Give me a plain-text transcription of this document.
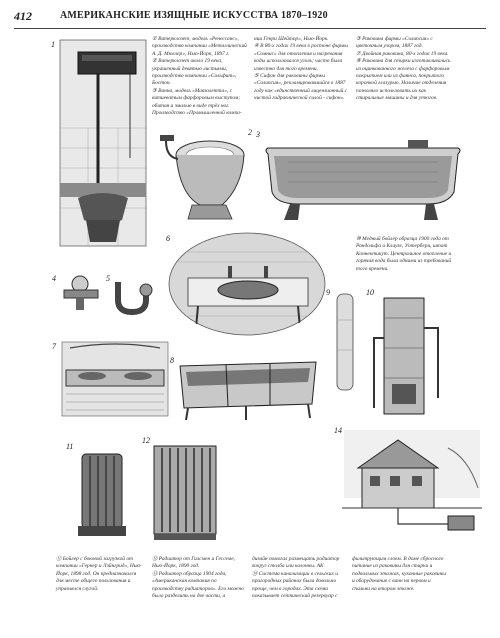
412	АМЕРИКАНСКИЕ ИЗЯЩНЫЕ ИСКУССТВА 1870–1920
1

① Ватерклозет, модель «Ренессанс», производство компании «Металлический А. Д. Мюллер», Нью-Йорк, 1897 г.

② Ватерклозет около 19 века, украшенный девятью листьями, производство компании «Сольфит», Бостон.

③ Ванна, модель «Мавзолетта», с витиеватым фарфоровым выступом; обитая и эмалью в виде трёх ног. Производство «Промышленной компа-

нии Генри Шейтор», Нью-Йорк.

④ В 80-х годах 19 века в ростоне фирмы «Сомнис» для отопления и нагревания воды использовался уголь; часто была известно для того времени.

⑤ Сифон для раковины фирмы «Солипсия», рекламировавшийся в 1887 году как «единственный лицензионный с чистой гидравлической силой - сифон».

③ Раковина фирмы «Солипсия» с цветочным узором, 1887 год.

⑦ Двойная раковина, 80-х годов 19 века.

⑧ Раковина для стирки изготавливались из оцинкованного железа с фарфоровым покрытием или из фаянса, покрытого коронкой глазурью. Наличие отделения позволяло использовать их как стиральные машины и для утюгов.

2 3
6	⑩ Медный бойлер образца 1900 года от Рандольфа и Клаузе, Уотербери, штат Коннектикут. Центральное отопление и горячая вода были одними из требований того времени.

4	5
7
8
9	10
11
12
14

⑪ Бойлер с боковой загрузкой от компании «Гернер и Лэйнгрид», Нью-Йорк, 1898 год. Он предназначался для месте общего пользования и управлялся слугой.

⑫ Радиатор от Гилсмен и Гессеме, Нью-Йорк, 1890 год.

⑬ Радиатор образца 1904 года, «Американская компания по производству радиаторов». Его можно было разделить на две части, а

дизайн помогал размещать радиатор вокруг столба или колонны. АК

⑭ Система канализации в сельских и пригородных районах была довольно проще, чем в городах. Эта схема показывает септический резервуар с

фильтрующим слоем. В доме сбросного питание из раковины для стирки и подвальных этажах, кухонные раковины и оборудование с ванн на первом и спальни на втором этаже.
